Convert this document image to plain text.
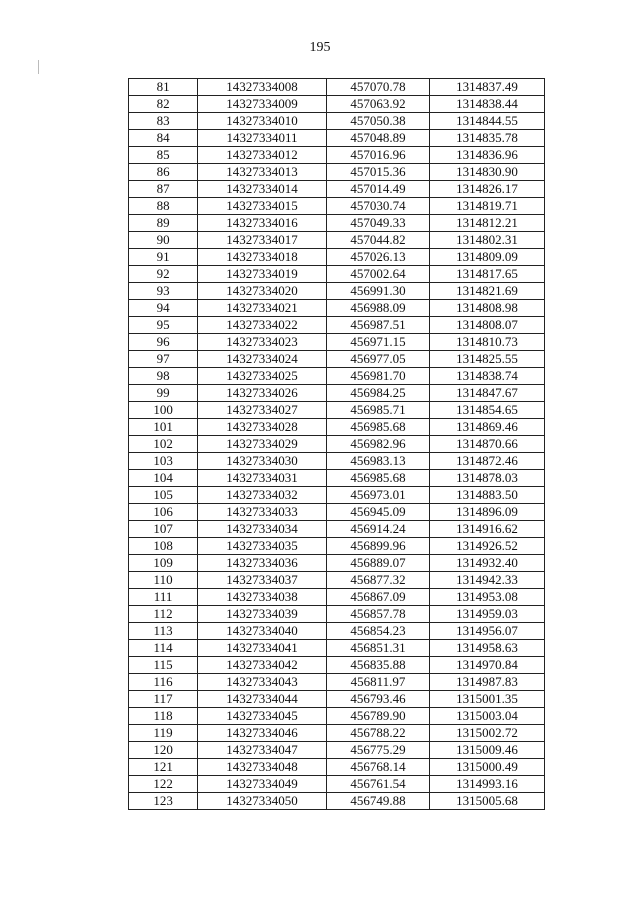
195
81	14327334008	457070.78	1314837.49
82	14327334009	457063.92	1314838.44
83	14327334010	457050.38	1314844.55
84	14327334011	457048.89	1314835.78
85	14327334012	457016.96	1314836.96
86	14327334013	457015.36	1314830.90
87	14327334014	457014.49	1314826.17
88	14327334015	457030.74	1314819.71
89	14327334016	457049.33	1314812.21
90	14327334017	457044.82	1314802.31
91	14327334018	457026.13	1314809.09
92	14327334019	457002.64	1314817.65
93	14327334020	456991.30	1314821.69
94	14327334021	456988.09	1314808.98
95	14327334022	456987.51	1314808.07
96	14327334023	456971.15	1314810.73
97	14327334024	456977.05	1314825.55
98	14327334025	456981.70	1314838.74
99	14327334026	456984.25	1314847.67
100	14327334027	456985.71	1314854.65
101	14327334028	456985.68	1314869.46
102	14327334029	456982.96	1314870.66
103	14327334030	456983.13	1314872.46
104	14327334031	456985.68	1314878.03
105	14327334032	456973.01	1314883.50
106	14327334033	456945.09	1314896.09
107	14327334034	456914.24	1314916.62
108	14327334035	456899.96	1314926.52
109	14327334036	456889.07	1314932.40
110	14327334037	456877.32	1314942.33
111	14327334038	456867.09	1314953.08
112	14327334039	456857.78	1314959.03
113	14327334040	456854.23	1314956.07
114	14327334041	456851.31	1314958.63
115	14327334042	456835.88	1314970.84
116	14327334043	456811.97	1314987.83
117	14327334044	456793.46	1315001.35
118	14327334045	456789.90	1315003.04
119	14327334046	456788.22	1315002.72
120	14327334047	456775.29	1315009.46
121	14327334048	456768.14	1315000.49
122	14327334049	456761.54	1314993.16
123	14327334050	456749.88	1315005.68
